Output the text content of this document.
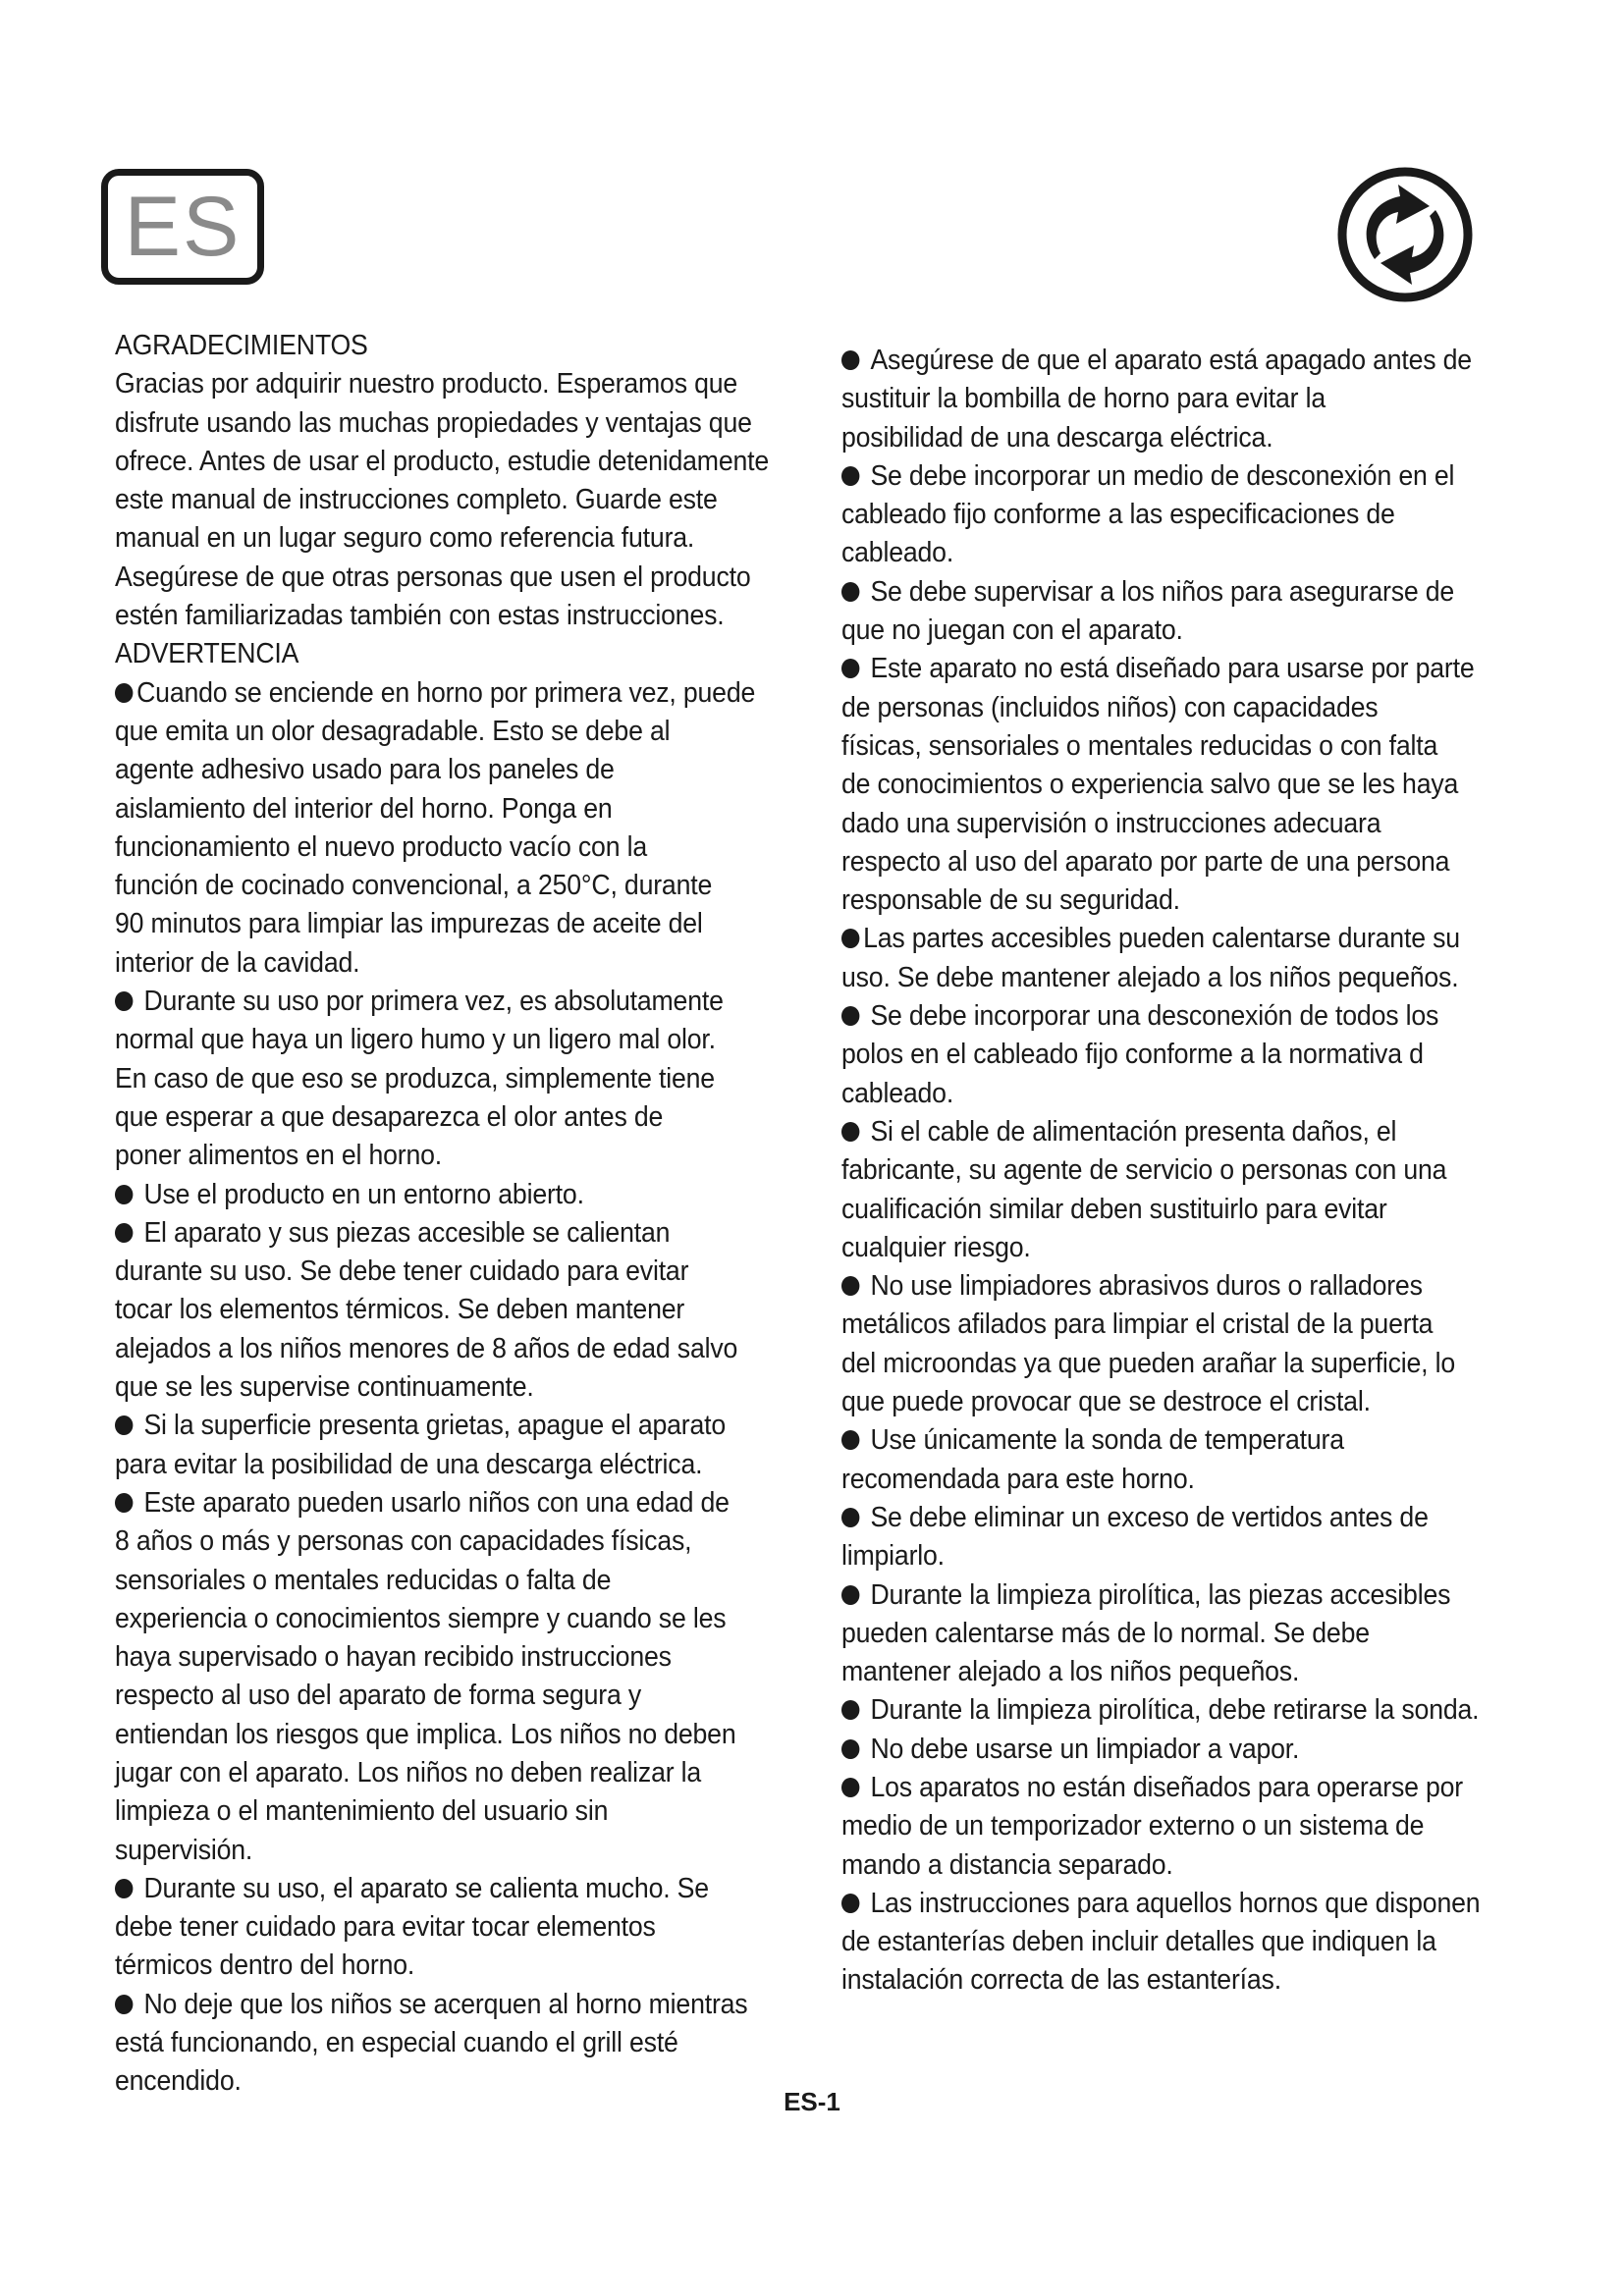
ES
AGRADECIMIENTOS
Gracias por adquirir nuestro producto. Esperamos que
disfrute usando las muchas propiedades y ventajas que
ofrece. Antes de usar el producto, estudie detenidamente
este manual de instrucciones completo. Guarde este
manual en un lugar seguro como referencia futura.
Asegúrese de que otras personas que usen el producto
estén familiarizadas también con estas instrucciones.
ADVERTENCIA
Cuando se enciende en horno por primera vez, puede
que emita un olor desagradable. Esto se debe al
agente adhesivo usado para los paneles de
aislamiento del interior del horno. Ponga en
funcionamiento el nuevo producto vacío con la
función de cocinado convencional, a 250°C, durante
90 minutos para limpiar las impurezas de aceite del
interior de la cavidad.
Durante su uso por primera vez, es absolutamente
normal que haya un ligero humo y un ligero mal olor.
En caso de que eso se produzca, simplemente tiene
que esperar a que desaparezca el olor antes de
poner alimentos en el horno.
Use el producto en un entorno abierto.
El aparato y sus piezas accesible se calientan
durante su uso. Se debe tener cuidado para evitar
tocar los elementos térmicos. Se deben mantener
alejados a los niños menores de 8 años de edad salvo
que se les supervise continuamente.
Si la superficie presenta grietas, apague el aparato
para evitar la posibilidad de una descarga eléctrica.
Este aparato pueden usarlo niños con una edad de
8 años o más y personas con capacidades físicas,
sensoriales o mentales reducidas o falta de
experiencia o conocimientos siempre y cuando se les
haya supervisado o hayan recibido instrucciones
respecto al uso del aparato de forma segura y
entiendan los riesgos que implica. Los niños no deben
jugar con el aparato. Los niños no deben realizar la
limpieza o el mantenimiento del usuario sin
supervisión.
Durante su uso, el aparato se calienta mucho. Se
debe tener cuidado para evitar tocar elementos
térmicos dentro del horno.
No deje que los niños se acerquen al horno mientras
está funcionando, en especial cuando el grill esté
encendido.
Asegúrese de que el aparato está apagado antes de
sustituir la bombilla de horno para evitar la
posibilidad de una descarga eléctrica.
Se debe incorporar un medio de desconexión en el
cableado fijo conforme a las especificaciones de
cableado.
Se debe supervisar a los niños para asegurarse de
que no juegan con el aparato.
Este aparato no está diseñado para usarse por parte
de personas (incluidos niños) con capacidades
físicas, sensoriales o mentales reducidas o con falta
de conocimientos o experiencia salvo que se les haya
dado una supervisión o instrucciones adecuara
respecto al uso del aparato por parte de una persona
responsable de su seguridad.
Las partes accesibles pueden calentarse durante su
uso. Se debe mantener alejado a los niños pequeños.
Se debe incorporar una desconexión de todos los
polos en el cableado fijo conforme a la normativa d
cableado.
Si el cable de alimentación presenta daños, el
fabricante, su agente de servicio o personas con una
cualificación similar deben sustituirlo para evitar
cualquier riesgo.
No use limpiadores abrasivos duros o ralladores
metálicos afilados para limpiar el cristal de la puerta
del microondas ya que pueden arañar la superficie, lo
que puede provocar que se destroce el cristal.
Use únicamente la sonda de temperatura
recomendada para este horno.
Se debe eliminar un exceso de vertidos antes de
limpiarlo.
Durante la limpieza pirolítica, las piezas accesibles
pueden calentarse más de lo normal. Se debe
mantener alejado a los niños pequeños.
Durante la limpieza pirolítica, debe retirarse la sonda.
No debe usarse un limpiador a vapor.
Los aparatos no están diseñados para operarse por
medio de un temporizador externo o un sistema de
mando a distancia separado.
Las instrucciones para aquellos hornos que disponen
de estanterías deben incluir detalles que indiquen la
instalación correcta de las estanterías.
ES-1
